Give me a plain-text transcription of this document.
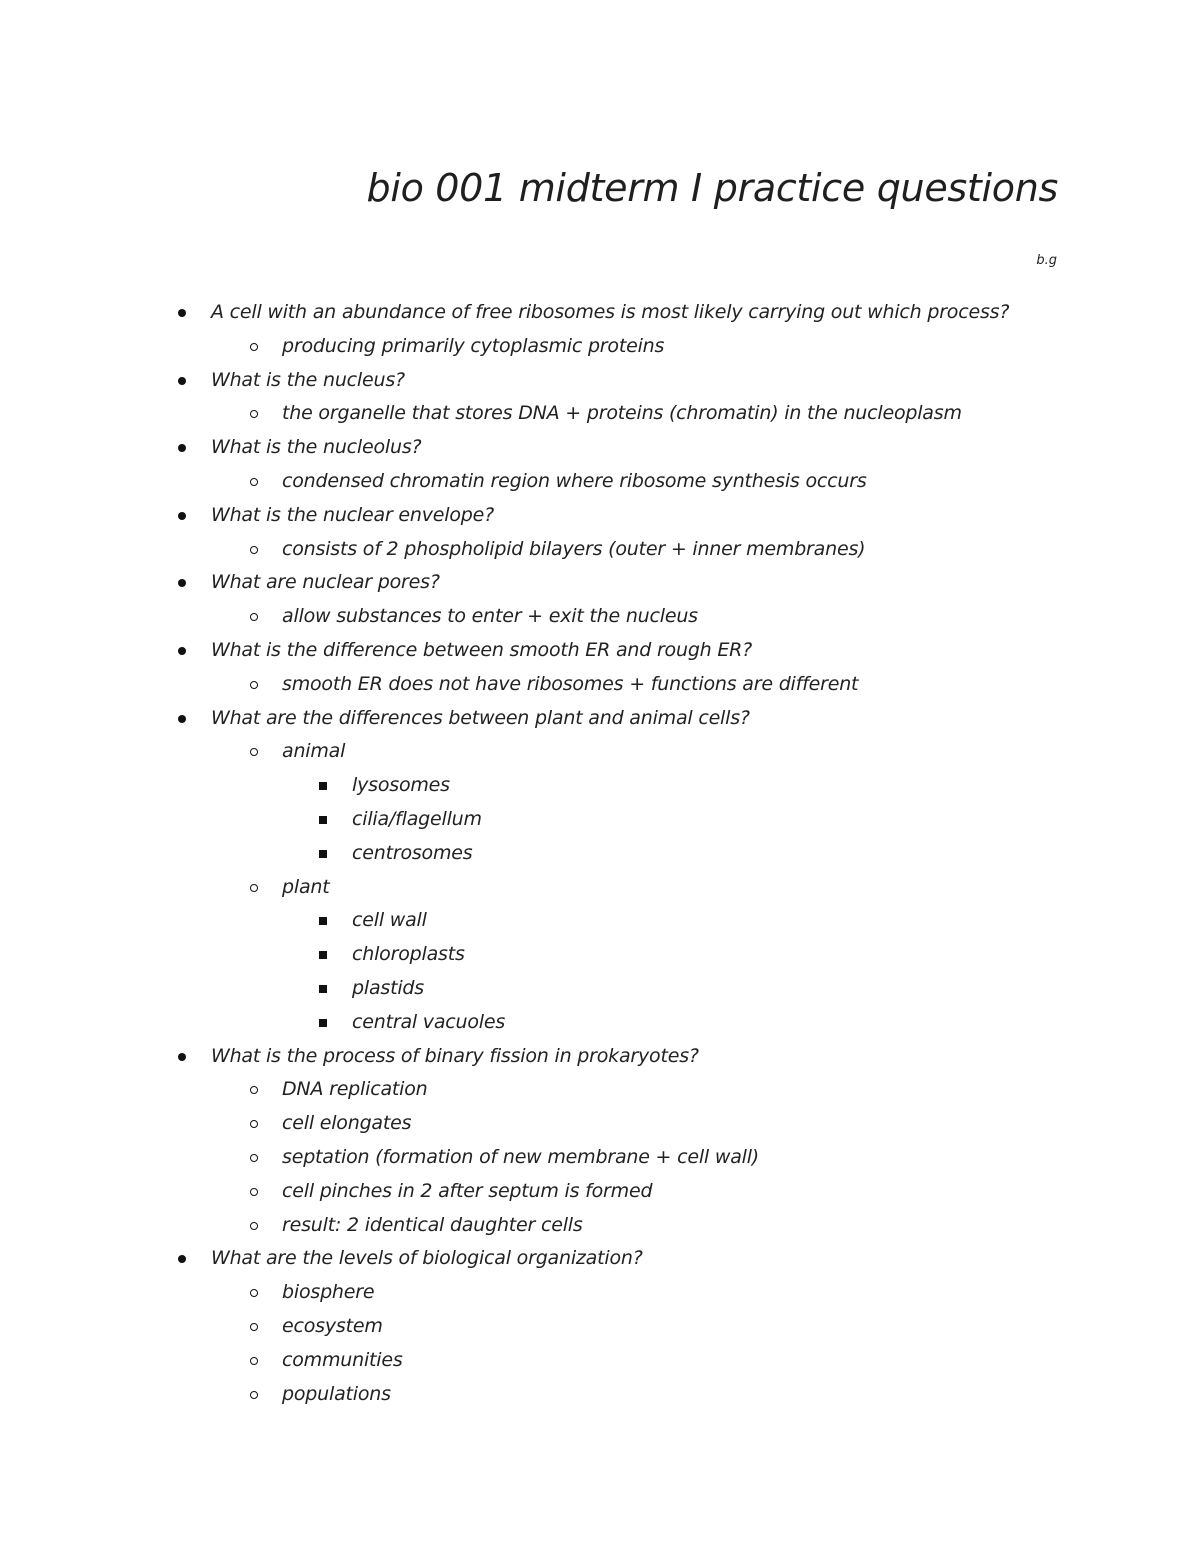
bio 001 midterm I practice questions
b.g
A cell with an abundance of free ribosomes is most likely carrying out which process?
producing primarily cytoplasmic proteins
What is the nucleus?
the organelle that stores DNA + proteins (chromatin) in the nucleoplasm
What is the nucleolus?
condensed chromatin region where ribosome synthesis occurs
What is the nuclear envelope?
consists of 2 phospholipid bilayers (outer + inner membranes)
What are nuclear pores?
allow substances to enter + exit the nucleus
What is the difference between smooth ER and rough ER?
smooth ER does not have ribosomes + functions are different
What are the differences between plant and animal cells?
animal
lysosomes
cilia/flagellum
centrosomes
plant
cell wall
chloroplasts
plastids
central vacuoles
What is the process of binary fission in prokaryotes?
DNA replication
cell elongates
septation (formation of new membrane + cell wall)
cell pinches in 2 after septum is formed
result: 2 identical daughter cells
What are the levels of biological organization?
biosphere
ecosystem
communities
populations
